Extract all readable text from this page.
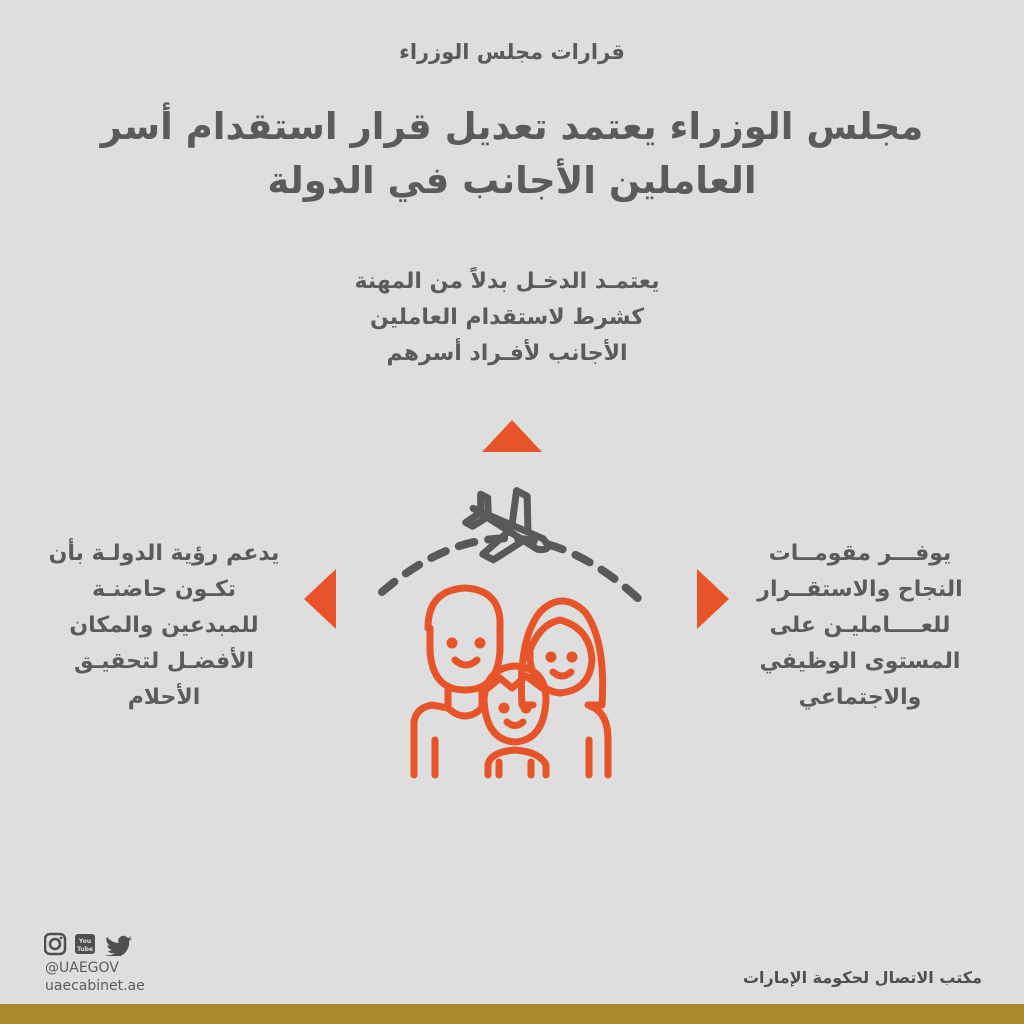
قرارات مجلس الوزراء
مجلس الوزراء يعتمد تعديل قرار استقدام أسر العاملين الأجانب في الدولة
يعتمـد الدخـل بدلاً من المهنة كشرط لاستقدام العاملين الأجانب لأفـراد أسرهم
يوفـــر مقومــات النجاح والاستقــرار للعــــامليـن على المستوى الوظيفي والاجتماعي
يدعم رؤية الدولـة بأن تكـون حاضنـة للمبدعين والمكان الأفضـل لتحقيـق الأحلام
You
Tube
@UAEGOV
uaecabinet.ae	مكتب الاتصال لحكومة الإمارات
